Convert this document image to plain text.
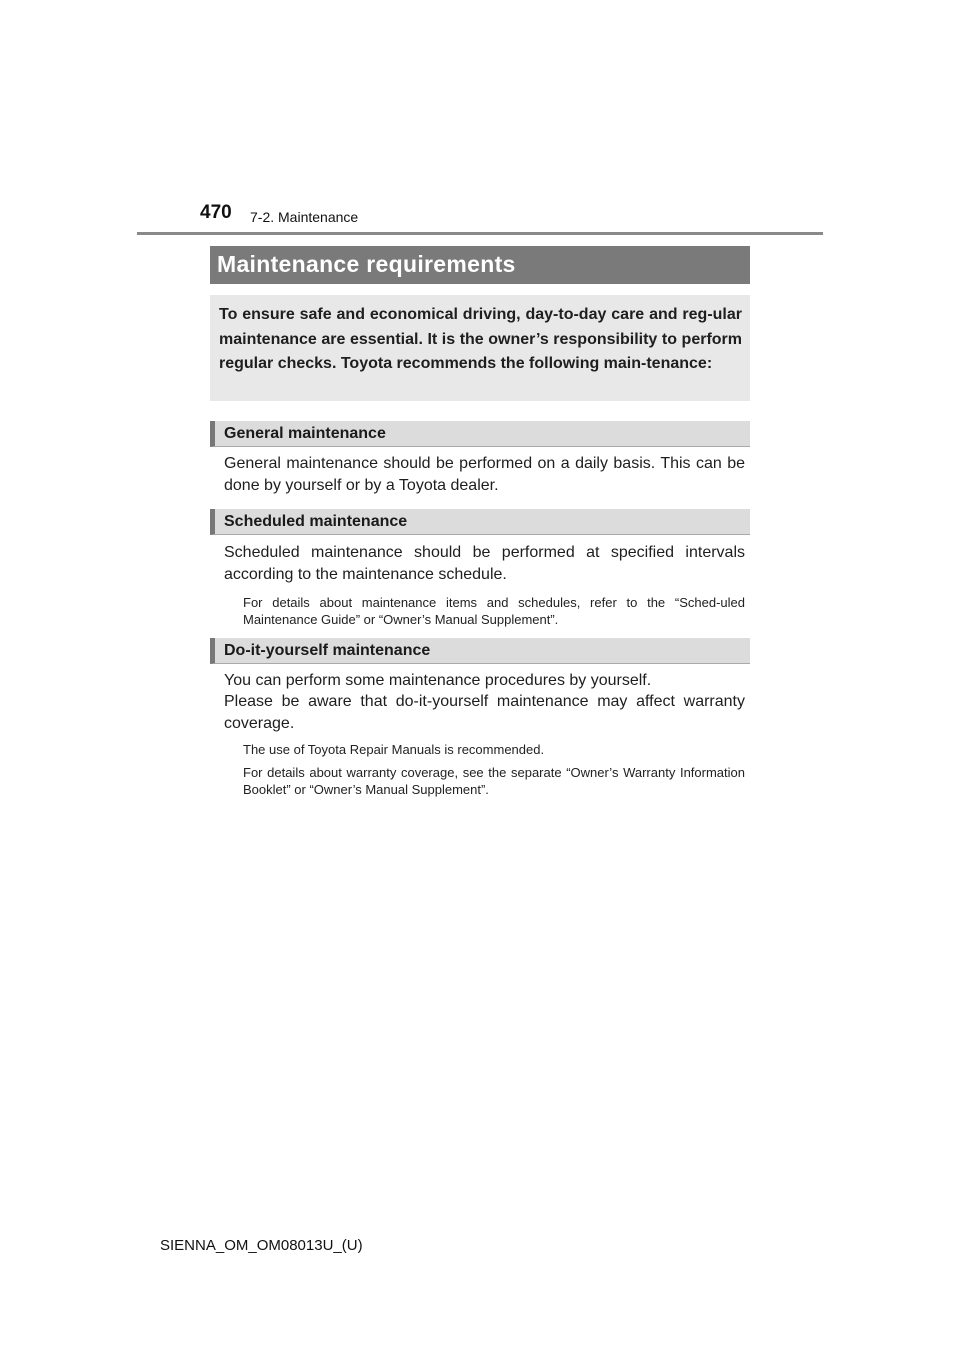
470 7-2. Maintenance
Maintenance requirements

To ensure safe and economical driving, day-to-day care and reg-ular maintenance are essential. It is the owner’s responsibility to perform regular checks. Toyota recommends the following main-tenance:

General maintenance

General maintenance should be performed on a daily basis. This can be done by yourself or by a Toyota dealer.

Scheduled maintenance

Scheduled maintenance should be performed at specified intervals according to the maintenance schedule.

For details about maintenance items and schedules, refer to the “Sched-uled Maintenance Guide” or “Owner’s Manual Supplement”.

Do-it-yourself maintenance

You can perform some maintenance procedures by yourself.

Please be aware that do-it-yourself maintenance may affect warranty coverage.

The use of Toyota Repair Manuals is recommended.

For details about warranty coverage, see the separate “Owner’s Warranty Information Booklet” or “Owner’s Manual Supplement”.

SIENNA_OM_OM08013U_(U)
